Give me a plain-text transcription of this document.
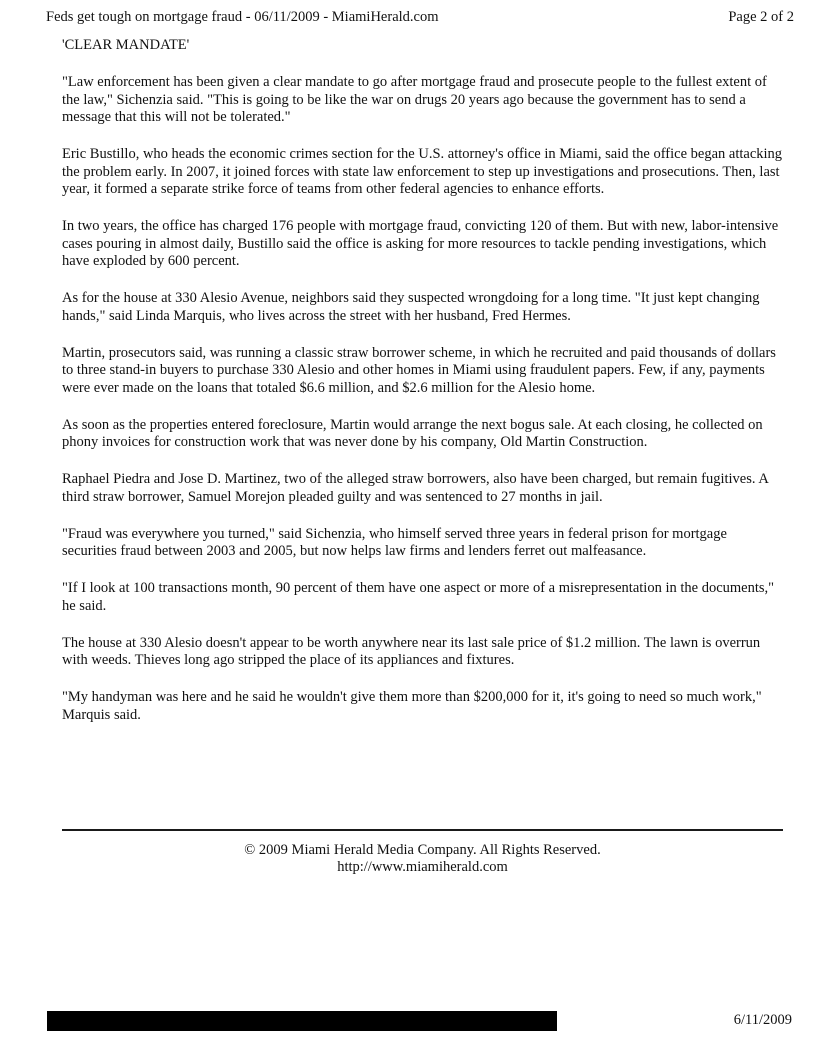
Feds get tough on mortgage fraud - 06/11/2009 - MiamiHerald.com	Page 2 of 2
'CLEAR MANDATE'

"Law enforcement has been given a clear mandate to go after mortgage fraud and prosecute people to the fullest extent of the law," Sichenzia said. "This is going to be like the war on drugs 20 years ago because the government has to send a message that this will not be tolerated."

Eric Bustillo, who heads the economic crimes section for the U.S. attorney's office in Miami, said the office began attacking the problem early. In 2007, it joined forces with state law enforcement to step up investigations and prosecutions. Then, last year, it formed a separate strike force of teams from other federal agencies to enhance efforts.

In two years, the office has charged 176 people with mortgage fraud, convicting 120 of them. But with new, labor-intensive cases pouring in almost daily, Bustillo said the office is asking for more resources to tackle pending investigations, which have exploded by 600 percent.

As for the house at 330 Alesio Avenue, neighbors said they suspected wrongdoing for a long time. "It just kept changing hands," said Linda Marquis, who lives across the street with her husband, Fred Hermes.

Martin, prosecutors said, was running a classic straw borrower scheme, in which he recruited and paid thousands of dollars to three stand-in buyers to purchase 330 Alesio and other homes in Miami using fraudulent papers. Few, if any, payments were ever made on the loans that totaled $6.6 million, and $2.6 million for the Alesio home.

As soon as the properties entered foreclosure, Martin would arrange the next bogus sale. At each closing, he collected on phony invoices for construction work that was never done by his company, Old Martin Construction.

Raphael Piedra and Jose D. Martinez, two of the alleged straw borrowers, also have been charged, but remain fugitives. A third straw borrower, Samuel Morejon pleaded guilty and was sentenced to 27 months in jail.

"Fraud was everywhere you turned," said Sichenzia, who himself served three years in federal prison for mortgage securities fraud between 2003 and 2005, but now helps law firms and lenders ferret out malfeasance.

"If I look at 100 transactions month, 90 percent of them have one aspect or more of a misrepresentation in the documents," he said.

The house at 330 Alesio doesn't appear to be worth anywhere near its last sale price of $1.2 million. The lawn is overrun with weeds. Thieves long ago stripped the place of its appliances and fixtures.

"My handyman was here and he said he wouldn't give them more than $200,000 for it, it's going to need so much work," Marquis said.

© 2009 Miami Herald Media Company. All Rights Reserved.
http://www.miamiherald.com
6/11/2009
